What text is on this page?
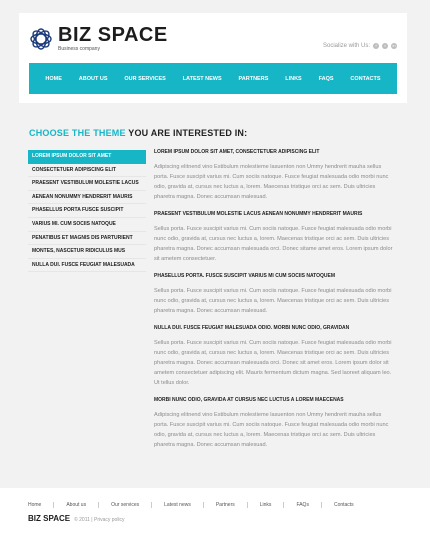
BIZ SPACE
Business company	Socialize with Us:	f	t	in
HOME	ABOUT US	OUR SERVICES	LATEST NEWS	PARTNERS	LINKS	FAQS	CONTACTS
CHOOSE THE THEME YOU ARE INTERESTED IN:
LOREM IPSUM DOLOR SIT AMET
CONSECTETUER ADIPISCING ELIT
PRAESENT VESTIBULUM MOLESTIE LACUS
AENEAN NONUMMY HENDRERIT MAURIS
PHASELLUS PORTA FUSCE SUSCIPIT
VARIUS MI. CUM SOCIIS NATOQUE
PENATIBUS ET MAGNIS DIS PARTURIENT
MONTES, NASCETUR RIDICULUS MUS
NULLA DUI. FUSCE FEUGIAT MALESUADA
LOREM IPSUM DOLOR SIT AMET, CONSECTETUER ADIPISCING ELIT
Adipiscing elitnend vino Estibulum molestieme lasuenton non Ummy hendrerit mauha sellus porta. Fusce suscipit varius mi. Cum sociis natoque. Fusce feugiat malesuada odio morbi nunc odio, gravida at, cursus nec luctus a, lorem. Maecenas tristique orci ac sem. Duis ultricies pharetra magna. Donec accumsan malesuad.
PRAESENT VESTIBULUM MOLESTIE LACUS AENEAN NONUMMY HENDRERIT MAURIS
Sellus porta. Fusce suscipit varius mi. Cum sociis natoque. Fusce feugiat malesuada odio morbi nunc odio, gravida at, cursus nec luctus a, lorem. Maecenas tristique orci ac sem. Duis ultricies pharetra magna. Donec accumsan malesuada orci. Donec sitame amet eros. Lorem ipsum dolor sit ametem consectetuer.
PHASELLUS PORTA. FUSCE SUSCIPIT VARIUS MI CUM SOCIIS NATOQUEM
Sellus porta. Fusce suscipit varius mi. Cum sociis natoque. Fusce feugiat malesuada odio morbi nunc odio, gravida at, cursus nec luctus a, lorem. Maecenas tristique orci ac sem. Duis ultricies pharetra magna. Donec accumsan malesuad.
NULLA DUI. FUSCE FEUGIAT MALESUADA ODIO. MORBI NUNC ODIO, GRAVIDAN
Sellus porta. Fusce suscipit varius mi. Cum sociis natoque. Fusce feugiat malesuada odio morbi nunc odio, gravida at, cursus nec luctus a, lorem. Maecenas tristique orci ac sem. Duis ultricies pharetra magna. Donec accumsan malesuada orci. Donec sit amet eros. Lorem ipsum dolor sit ametem consectetuer adipiscing elit. Mauris fermentum dictum magna. Sed laoreet aliquam leo. Ut tellus dolor.
MORBI NUNC ODIO, GRAVIDA AT CURSUS NEC LUCTUS A LOREM MAECENAS
Adipiscing elitnend vino Estibulum molestieme lasuenton non Ummy hendrerit mauha sellus porta. Fusce suscipit varius mi. Cum sociis natoque. Fusce feugiat malesuada odio morbi nunc odio, gravida at, cursus nec luctus a, lorem. Maecenas tristique orci ac sem. Duis ultricies pharetra magna. Donec accumsan malesuad.
Home	About us	Our services	Latest news	Partners	Links	FAQs	Contacts
BIZ SPACE © 2011 | Privacy policy
